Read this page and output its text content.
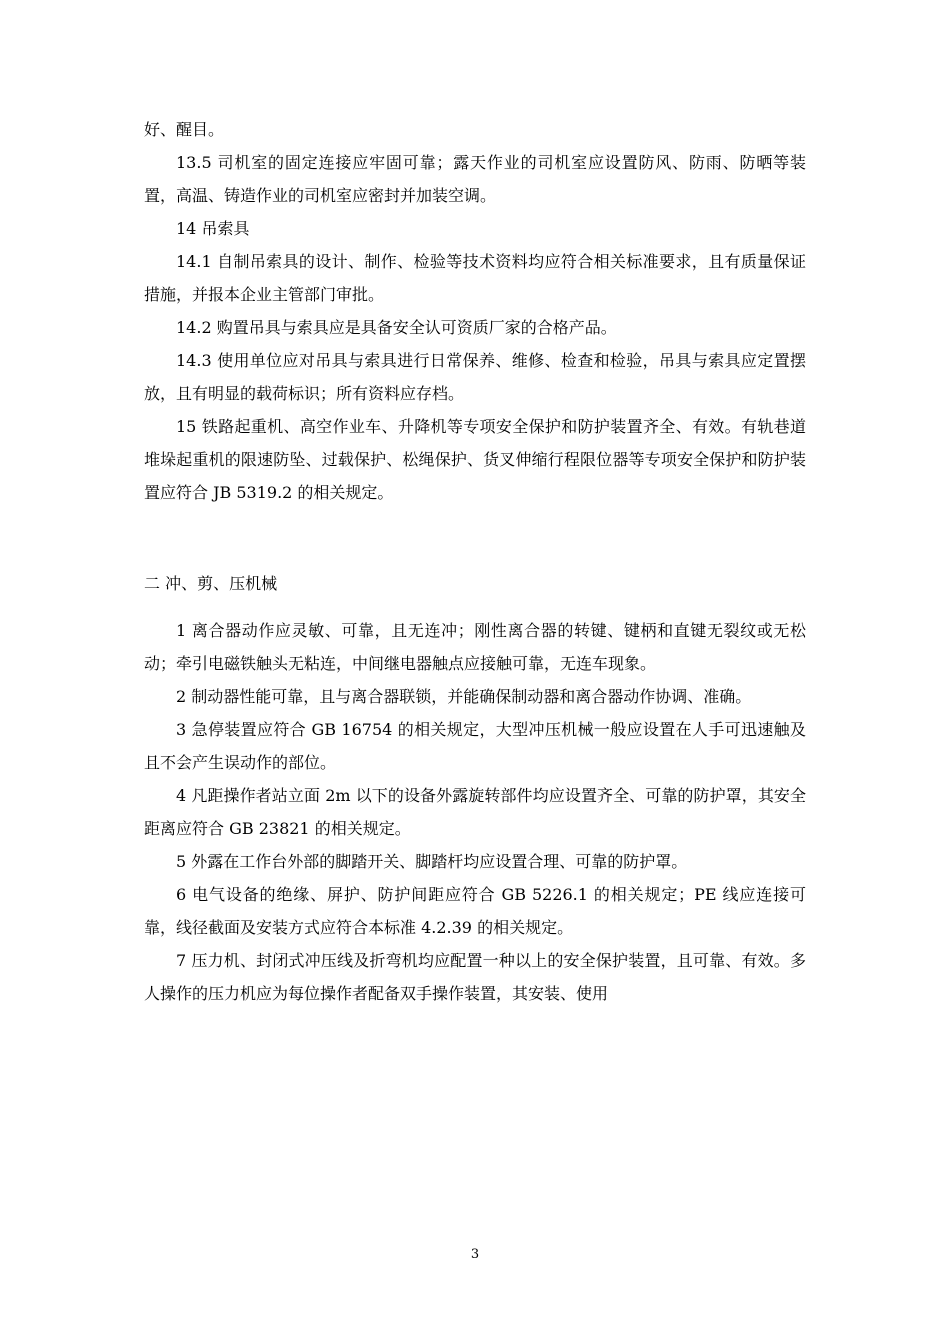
好、醒目。

13.5 司机室的固定连接应牢固可靠；露天作业的司机室应设置防风、防雨、防晒等装置，高温、铸造作业的司机室应密封并加装空调。

14 吊索具

14.1 自制吊索具的设计、制作、检验等技术资料均应符合相关标准要求，且有质量保证措施，并报本企业主管部门审批。

14.2 购置吊具与索具应是具备安全认可资质厂家的合格产品。

14.3 使用单位应对吊具与索具进行日常保养、维修、检查和检验，吊具与索具应定置摆放，且有明显的载荷标识；所有资料应存档。

15 铁路起重机、高空作业车、升降机等专项安全保护和防护装置齐全、有效。有轨巷道堆垛起重机的限速防坠、过载保护、松绳保护、货叉伸缩行程限位器等专项安全保护和防护装置应符合 JB 5319.2 的相关规定。

二 冲、剪、压机械

1 离合器动作应灵敏、可靠，且无连冲；刚性离合器的转键、键柄和直键无裂纹或无松动；牵引电磁铁触头无粘连，中间继电器触点应接触可靠，无连车现象。

2 制动器性能可靠，且与离合器联锁，并能确保制动器和离合器动作协调、准确。

3 急停装置应符合 GB 16754 的相关规定，大型冲压机械一般应设置在人手可迅速触及且不会产生误动作的部位。

4 凡距操作者站立面 2m 以下的设备外露旋转部件均应设置齐全、可靠的防护罩，其安全距离应符合 GB 23821 的相关规定。

5 外露在工作台外部的脚踏开关、脚踏杆均应设置合理、可靠的防护罩。

6 电气设备的绝缘、屏护、防护间距应符合 GB 5226.1 的相关规定；PE 线应连接可靠，线径截面及安装方式应符合本标准 4.2.39 的相关规定。

7 压力机、封闭式冲压线及折弯机均应配置一种以上的安全保护装置，且可靠、有效。多人操作的压力机应为每位操作者配备双手操作装置，其安装、使用

3
